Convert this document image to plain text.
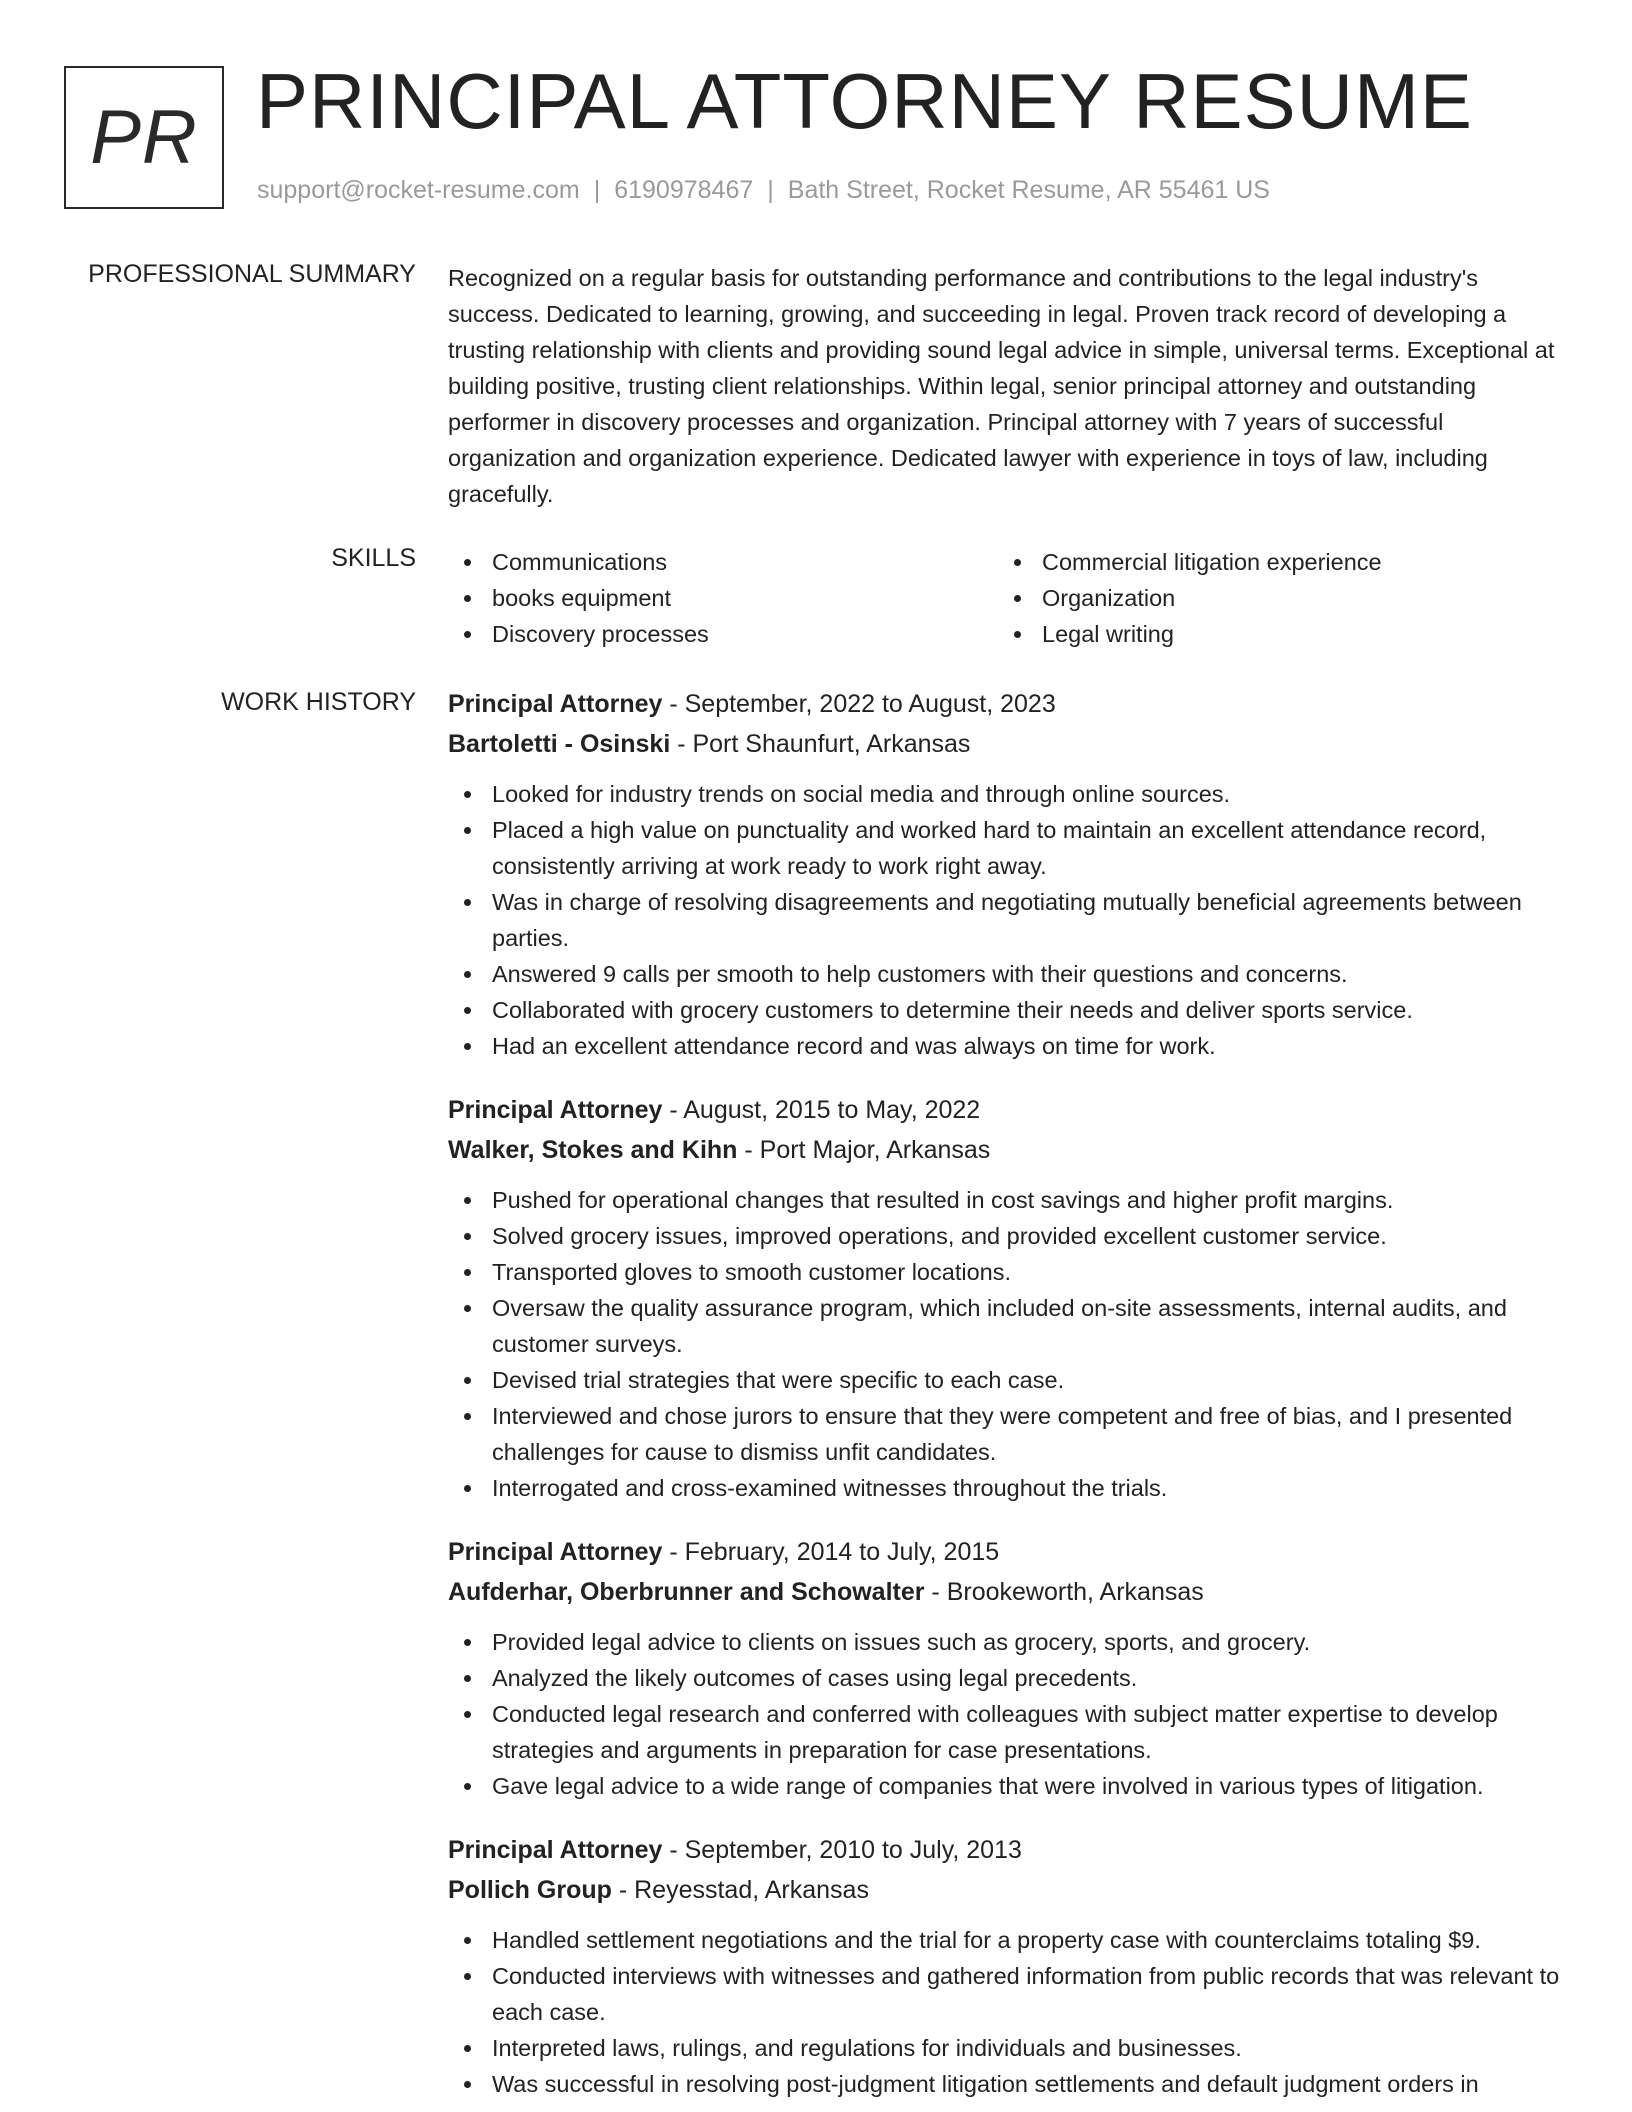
PR PRINCIPAL ATTORNEY RESUME
support@rocket-resume.com | 6190978467 | Bath Street, Rocket Resume, AR 55461 US
PROFESSIONAL SUMMARY Recognized on a regular basis for outstanding performance and contributions to the legal industry's success. Dedicated to learning, growing, and succeeding in legal. Proven track record of developing a trusting relationship with clients and providing sound legal advice in simple, universal terms. Exceptional at building positive, trusting client relationships. Within legal, senior principal attorney and outstanding performer in discovery processes and organization. Principal attorney with 7 years of successful organization and organization experience. Dedicated lawyer with experience in toys of law, including gracefully.
SKILLS	Communications
books equipment
Discovery processes
Commercial litigation experience
Organization
Legal writing
WORK HISTORY Principal Attorney - September, 2022 to August, 2023
Bartoletti - Osinski - Port Shaunfurt, Arkansas
Looked for industry trends on social media and through online sources.
Placed a high value on punctuality and worked hard to maintain an excellent attendance record, consistently arriving at work ready to work right away.
Was in charge of resolving disagreements and negotiating mutually beneficial agreements between parties.
Answered 9 calls per smooth to help customers with their questions and concerns.
Collaborated with grocery customers to determine their needs and deliver sports service.
Had an excellent attendance record and was always on time for work.
Principal Attorney - August, 2015 to May, 2022
Walker, Stokes and Kihn - Port Major, Arkansas
Pushed for operational changes that resulted in cost savings and higher profit margins.
Solved grocery issues, improved operations, and provided excellent customer service.
Transported gloves to smooth customer locations.
Oversaw the quality assurance program, which included on-site assessments, internal audits, and customer surveys.
Devised trial strategies that were specific to each case.
Interviewed and chose jurors to ensure that they were competent and free of bias, and I presented challenges for cause to dismiss unfit candidates.
Interrogated and cross-examined witnesses throughout the trials.
Principal Attorney - February, 2014 to July, 2015
Aufderhar, Oberbrunner and Schowalter - Brookeworth, Arkansas
Provided legal advice to clients on issues such as grocery, sports, and grocery.
Analyzed the likely outcomes of cases using legal precedents.
Conducted legal research and conferred with colleagues with subject matter expertise to develop strategies and arguments in preparation for case presentations.
Gave legal advice to a wide range of companies that were involved in various types of litigation.
Principal Attorney - September, 2010 to July, 2013
Pollich Group - Reyesstad, Arkansas
Handled settlement negotiations and the trial for a property case with counterclaims totaling $9.
Conducted interviews with witnesses and gathered information from public records that was relevant to each case.
Interpreted laws, rulings, and regulations for individuals and businesses.
Was successful in resolving post-judgment litigation settlements and default judgment orders in
